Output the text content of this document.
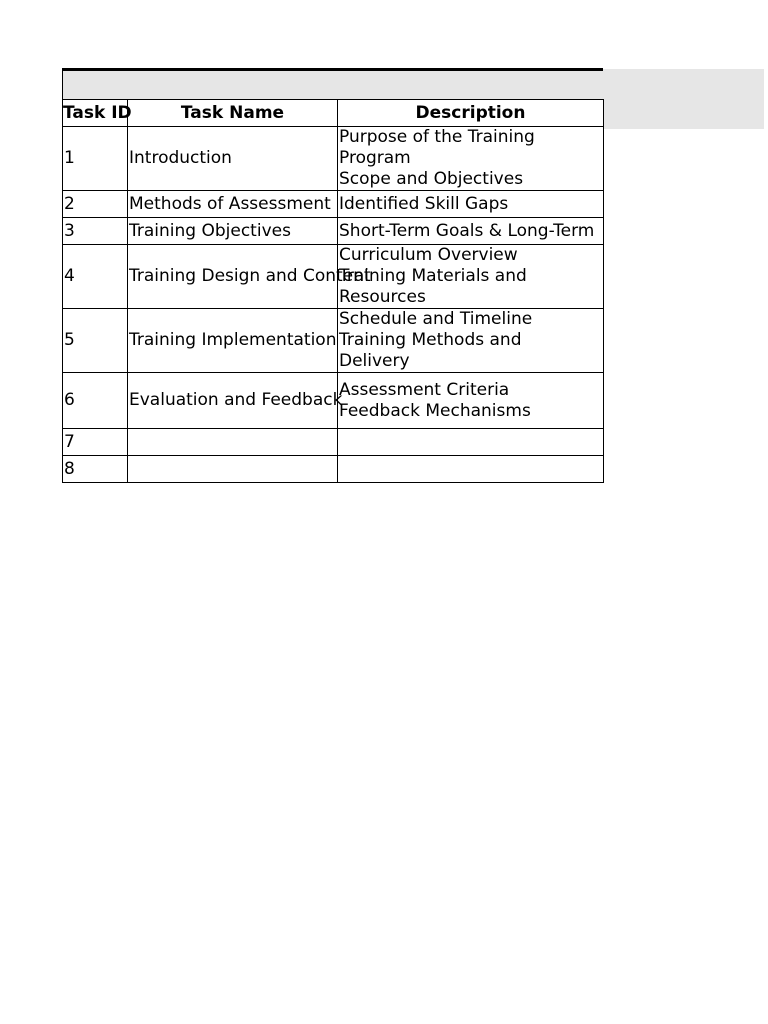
Task ID	Task Name	Description
1	Introduction	Purpose of the Training
Program
Scope and Objectives
2	Methods of Assessment	Identified Skill Gaps
3	Training Objectives	Short-Term Goals & Long-Term
4	Training Design and Content	Curriculum Overview
Training Materials and
Resources
5	Training Implementation	Schedule and Timeline
Training Methods and
Delivery
6	Evaluation and Feedback	Assessment Criteria
Feedback Mechanisms
7		
8		
